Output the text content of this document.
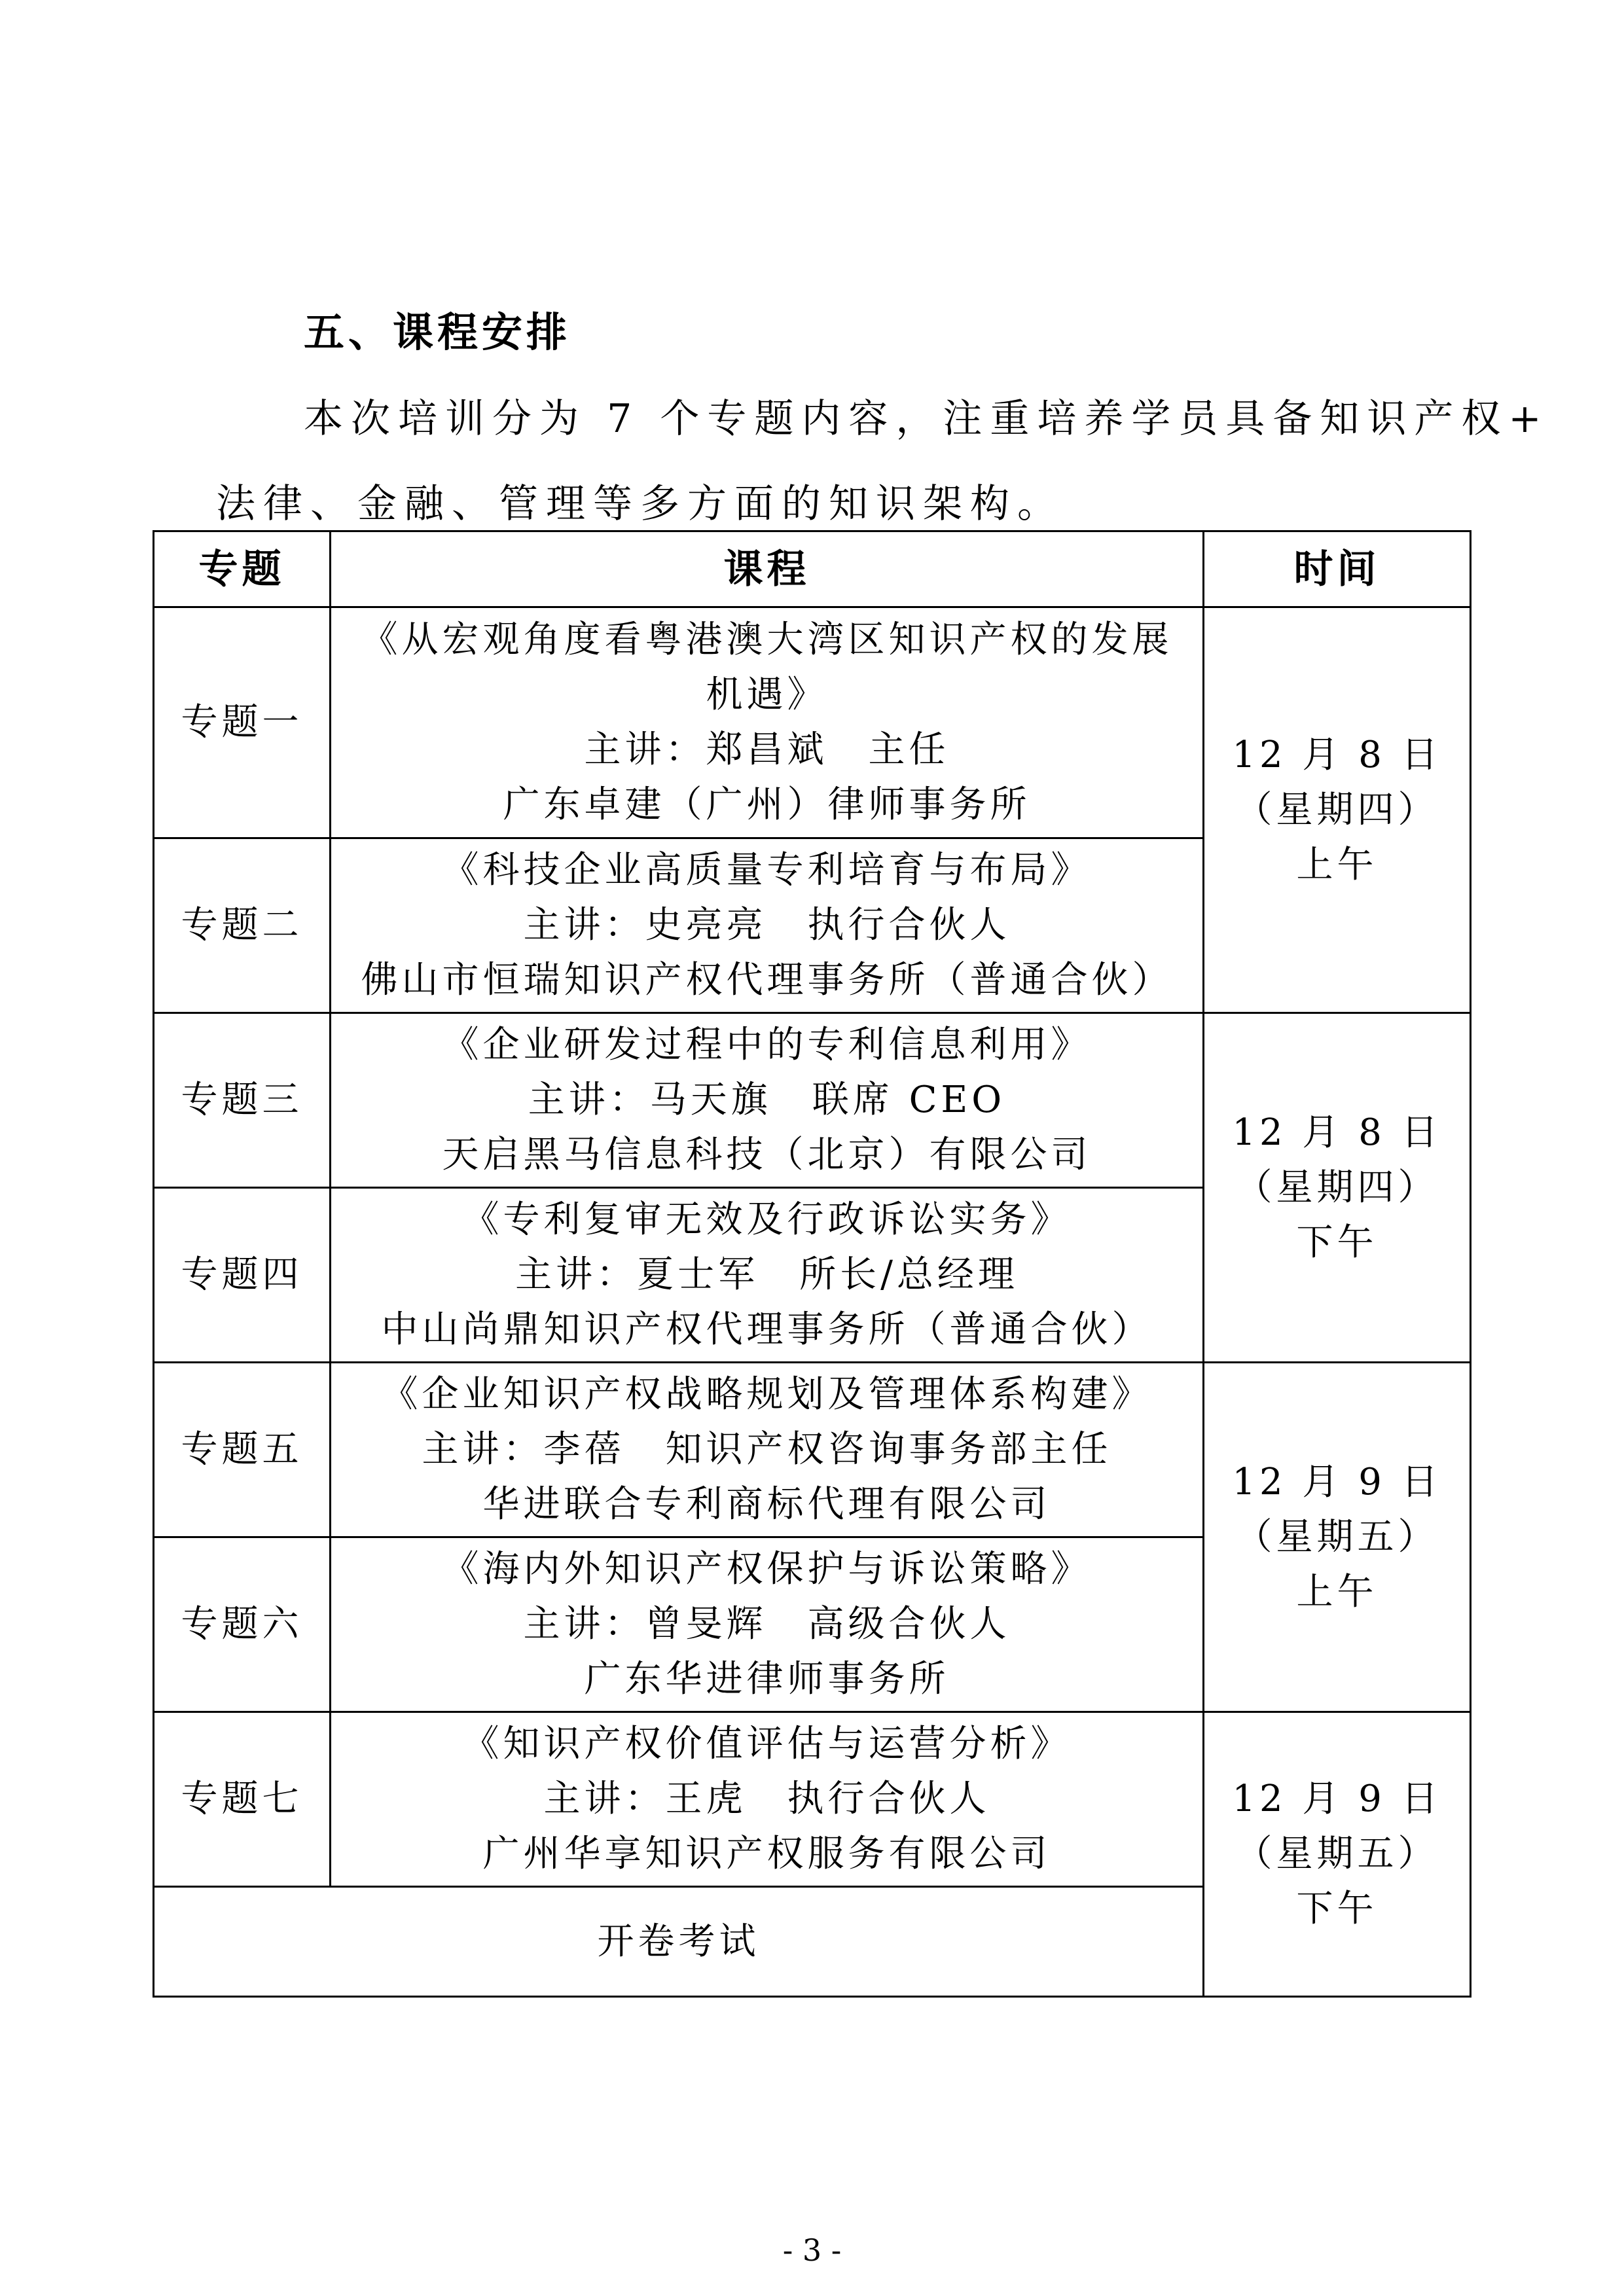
五、课程安排
本次培训分为 7 个专题内容，注重培养学员具备知识产权+
法律、金融、管理等多方面的知识架构。
专题	课程	时间
专题一	《从宏观角度看粤港澳大湾区知识产权的发展机遇》
主讲：郑昌斌　主任
广东卓建（广州）律师事务所	12 月 8 日
（星期四）
上午

专题二	《科技企业高质量专利培育与布局》
主讲：史亮亮　执行合伙人
佛山市恒瑞知识产权代理事务所（普通合伙）	

专题三	《企业研发过程中的专利信息利用》
主讲：马天旗　联席 CEO
天启黑马信息科技（北京）有限公司	12 月 8 日
（星期四）
下午

专题四	《专利复审无效及行政诉讼实务》
主讲：夏士军　所长/总经理
中山尚鼎知识产权代理事务所（普通合伙）	

专题五	《企业知识产权战略规划及管理体系构建》
主讲：李蓓　知识产权咨询事务部主任
华进联合专利商标代理有限公司	12 月 9 日
（星期五）
上午

专题六	《海内外知识产权保护与诉讼策略》
主讲：曾旻辉　高级合伙人
广东华进律师事务所	

专题七	《知识产权价值评估与运营分析》
主讲：王虎　执行合伙人
广州华享知识产权服务有限公司	12 月 9 日
（星期五）
下午

开卷考试		
- 3 -
